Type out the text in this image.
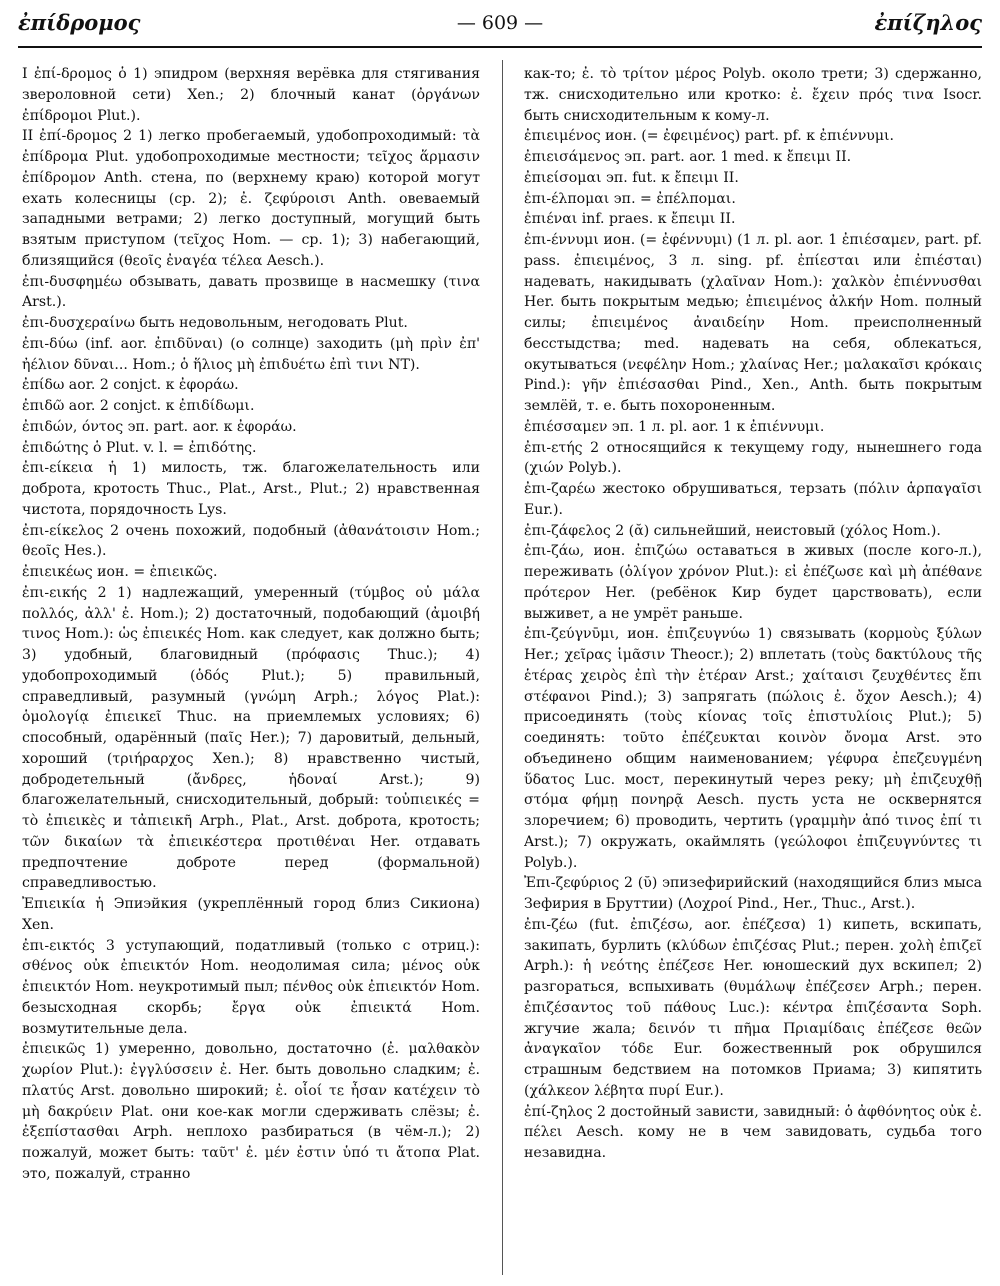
ἐπίδρομος	— 609 —	ἐπίζηλος

I ἐπί-δρομος ὁ 1) эпидром (верхняя верёвка для стягивания звероловной сети) Xen.; 2) блочный канат (ὀργάνων ἐπίδρομοι Plut.).

II ἐπί-δρομος 2 1) легко пробегаемый, удобопроходимый: τὰ ἐπίδρομα Plut. удобопроходимые местности; τεῖχος ἅρμασιν ἐπίδρομον Anth. стена, по (верхнему краю) которой могут ехать колесницы (ср. 2); ἐ. ζεφύροισι Anth. овеваемый западными ветрами; 2) легко доступный, могущий быть взятым приступом (τεῖχος Hom. — ср. 1); 3) набегающий, близящийся (θεοῖς ἐναγέα τέλεα Aesch.).

ἐπι-δυσφημέω обзывать, давать прозвище в насмешку (τινα Arst.).

ἐπι-δυσχεραίνω быть недовольным, негодовать Plut.

ἐπι-δύω (inf. aor. ἐπιδῦναι) (о солнце) заходить (μὴ πρὶν ἐπ' ἠέλιον δῦναι... Hom.; ὁ ἥλιος μὴ ἐπιδυέτω ἐπὶ τινι NT).

ἐπίδω aor. 2 conjct. к ἐφοράω.

ἐπιδῶ aor. 2 conjct. к ἐπιδίδωμι.

ἐπιδών, όντος эп. part. aor. к ἐφοράω.

ἐπιδώτης ὁ Plut. v. l. = ἐπιδότης.

ἐπι-είκεια ἡ 1) милость, тж. благожелательность или доброта, кротость Thuc., Plat., Arst., Plut.; 2) нравственная чистота, порядочность Lys.

ἐπι-είκελος 2 очень похожий, подобный (ἀθανάτοισιν Hom.; θεοῖς Hes.).

ἐπιεικέως ион. = ἐπιεικῶς.

ἐπι-εικής 2 1) надлежащий, умеренный (τύμβος οὐ μάλα πολλός, ἀλλ' ἐ. Hom.); 2) достаточный, подобающий (ἀμοιβή τινος Hom.): ὡς ἐπιεικές Hom. как следует, как должно быть; 3) удобный, благовидный (πρόφασις Thuc.); 4) удобопроходимый (ὁδός Plut.); 5) правильный, справедливый, разумный (γνώμη Arph.; λόγος Plat.): ὁμολογίᾳ ἐπιεικεῖ Thuc. на приемлемых условиях; 6) способный, одарённый (παῖς Her.); 7) даровитый, дельный, хороший (τριήραρχος Xen.); 8) нравственно чистый, добродетельный (ἄνδρες, ἡδοναί Arst.); 9) благожелательный, снисходительный, добрый: τοὐπιεικές = τὸ ἐπιεικὲς и τἀπιεικῆ Arph., Plat., Arst. доброта, кротость; τῶν δικαίων τὰ ἐπιεικέστερα προτιθέναι Her. отдавать предпочтение доброте перед (формальной) справедливостью.

Ἐπιεικία ἡ Эпиэйкия (укреплённый город близ Сикиона) Xen.

ἐπι-εικτός 3 уступающий, податливый (только с отриц.): σθένος οὐκ ἐπιεικτόν Hom. неодолимая сила; μένος οὐκ ἐπιεικτόν Hom. неукротимый пыл; πένθος οὐκ ἐπιεικτόν Hom. безысходная скорбь; ἔργα οὐκ ἐπιεικτά Hom. возмутительные дела.

ἐπιεικῶς 1) умеренно, довольно, достаточно (ἐ. μαλθακὸν χωρίον Plut.): ἐγγλύσσειν ἐ. Her. быть довольно сладким; ἐ. πλατύς Arst. довольно широкий; ἐ. οἷοί τε ἦσαν κατέχειν τὸ μὴ δακρύειν Plat. они кое-как могли сдерживать слёзы; ἐ. ἐξεπίστασθαι Arph. неплохо разбираться (в чём-л.); 2) пожалуй, может быть: ταῦτ' ἐ. μέν ἐστιν ὑπό τι ἄτοπα Plat. это, пожалуй, странно

как-то; ἐ. τὸ τρίτον μέρος Polyb. около трети; 3) сдержанно, тж. снисходительно или кротко: ἐ. ἔχειν πρός τινα Isocr. быть снисходительным к кому-л.

ἐπιειμένος ион. (= ἐφειμένος) part. pf. к ἐπιέννυμι.

ἐπιεισάμενος эп. part. aor. 1 med. к ἔπειμι II.

ἐπιείσομαι эп. fut. к ἔπειμι II.

ἐπι-έλπομαι эп. = ἐπέλπομαι.

ἐπιέναι inf. praes. к ἔπειμι II.

ἐπι-έννυμι ион. (= ἐφέννυμι) (1 л. pl. aor. 1 ἐπιέσαμεν, part. pf. pass. ἐπιειμένος, 3 л. sing. pf. ἐπίεσται или ἐπιέσται) надевать, накидывать (χλαῖναν Hom.): χαλκὸν ἐπιέννυσθαι Her. быть покрытым медью; ἐπιειμένος ἀλκήν Hom. полный силы; ἐπιειμένος ἀναιδείην Hom. преисполненный бесстыдства; med. надевать на себя, облекаться, окутываться (νεφέλην Hom.; χλαίνας Her.; μαλακαῖσι κρόκαις Pind.): γῆν ἐπιέσασθαι Pind., Xen., Anth. быть покрытым землёй, т. е. быть похороненным.

ἐπιέσσαμεν эп. 1 л. pl. aor. 1 к ἐπιέννυμι.

ἐπι-ετής 2 относящийся к текущему году, нынешнего года (χιών Polyb.).

ἐπι-ζαρέω жестоко обрушиваться, терзать (πόλιν ἁρπαγαῖσι Eur.).

ἐπι-ζάφελος 2 (ᾰ) сильнейший, неистовый (χόλος Hom.).

ἐπι-ζάω, ион. ἐπιζώω оставаться в живых (после кого-л.), переживать (ὀλίγον χρόνον Plut.): εἰ ἐπέζωσε καὶ μὴ ἀπέθανε πρότερον Her. (ребёнок Кир будет царствовать), если выживет, а не умрёт раньше.

ἐπι-ζεύγνῡμι, ион. ἐπιζευγνύω 1) связывать (κορμοὺς ξύλων Her.; χεῖρας ἱμᾶσιν Theocr.); 2) вплетать (τοὺς δακτύλους τῆς ἑτέρας χειρὸς ἐπὶ τὴν ἑτέραν Arst.; χαίταισι ζευχθέντες ἔπι στέφανοι Pind.); 3) запрягать (πώλοις ἐ. ὄχον Aesch.); 4) присоединять (τοὺς κίονας τοῖς ἐπιστυλίοις Plut.); 5) соединять: τοῦτο ἐπέζευκται κοινὸν ὄνομα Arst. это объединено общим наименованием; γέφυρα ἐπεζευγμένη ὕδατος Luc. мост, перекинутый через реку; μὴ ἐπιζευχθῇ στόμα φήμῃ πονηρᾷ Aesch. пусть уста не осквернятся злоречием; 6) проводить, чертить (γραμμὴν ἀπό τινος ἐπί τι Arst.); 7) окружать, окаймлять (γεώλοφοι ἐπιζευγνύντες τι Polyb.).

Ἐπι-ζεφύριος 2 (ῠ) эпизефирийский (находящийся близ мыса Зефирия в Бруттии) (Λοχροί Pind., Her., Thuc., Arst.).

ἐπι-ζέω (fut. ἐπιζέσω, aor. ἐπέζεσα) 1) кипеть, вскипать, закипать, бурлить (κλύδων ἐπιζέσας Plut.; перен. χολὴ ἐπιζεῖ Arph.): ἡ νεότης ἐπέζεσε Her. юношеский дух вскипел; 2) разгораться, вспыхивать (θυμάλωψ ἐπέζεσεν Arph.; перен. ἐπιζέσαντος τοῦ πάθους Luc.): κέντρα ἐπιζέσαντα Soph. жгучие жала; δεινόν τι πῆμα Πριαμίδαις ἐπέζεσε θεῶν ἀναγκαῖον τόδε Eur. божественный рок обрушился страшным бедствием на потомков Приама; 3) кипятить (χάλκεον λέβητα πυρί Eur.).

ἐπί-ζηλος 2 достойный зависти, завидный: ὁ ἀφθόνητος οὐκ ἐ. πέλει Aesch. кому не в чем завидовать, судьба того незавидна.
